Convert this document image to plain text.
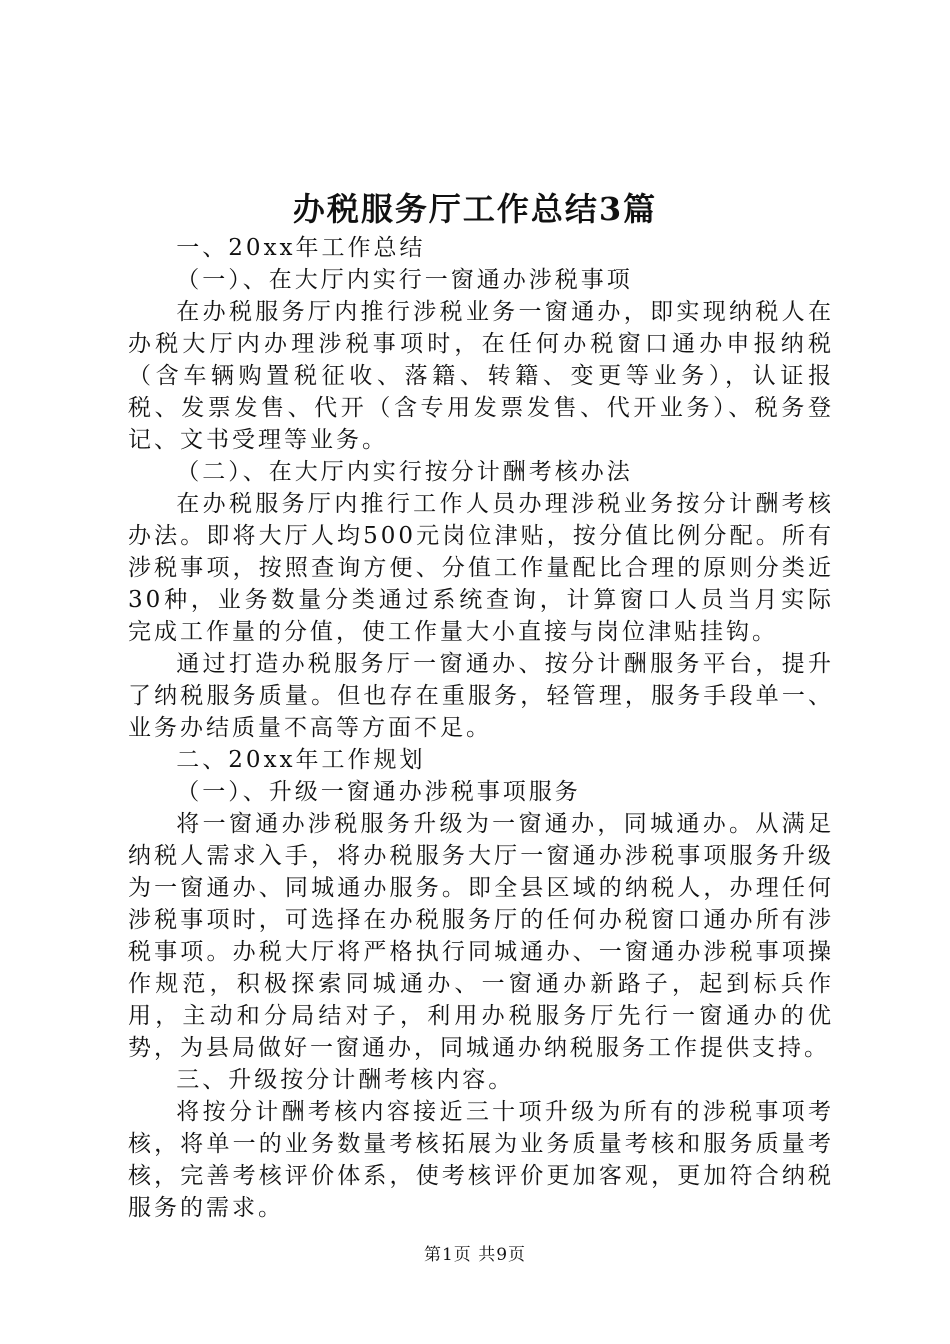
办税服务厅工作总结3篇

一、20xx年工作总结

（一）、在大厅内实行一窗通办涉税事项

在办税服务厅内推行涉税业务一窗通办，即实现纳税人在办税大厅内办理涉税事项时，在任何办税窗口通办申报纳税（含车辆购置税征收、落籍、转籍、变更等业务），认证报税、发票发售、代开（含专用发票发售、代开业务）、税务登记、文书受理等业务。

（二）、在大厅内实行按分计酬考核办法

在办税服务厅内推行工作人员办理涉税业务按分计酬考核办法。即将大厅人均500元岗位津贴，按分值比例分配。所有涉税事项，按照查询方便、分值工作量配比合理的原则分类近30种，业务数量分类通过系统查询，计算窗口人员当月实际完成工作量的分值，使工作量大小直接与岗位津贴挂钩。

通过打造办税服务厅一窗通办、按分计酬服务平台，提升了纳税服务质量。但也存在重服务，轻管理，服务手段单一、业务办结质量不高等方面不足。

二、20xx年工作规划

（一）、升级一窗通办涉税事项服务

将一窗通办涉税服务升级为一窗通办，同城通办。从满足纳税人需求入手，将办税服务大厅一窗通办涉税事项服务升级为一窗通办、同城通办服务。即全县区域的纳税人，办理任何涉税事项时，可选择在办税服务厅的任何办税窗口通办所有涉税事项。办税大厅将严格执行同城通办、一窗通办涉税事项操作规范，积极探索同城通办、一窗通办新路子，起到标兵作用，主动和分局结对子，利用办税服务厅先行一窗通办的优势，为县局做好一窗通办，同城通办纳税服务工作提供支持。

三、升级按分计酬考核内容。

将按分计酬考核内容接近三十项升级为所有的涉税事项考核，将单一的业务数量考核拓展为业务质量考核和服务质量考核，完善考核评价体系，使考核评价更加客观，更加符合纳税服务的需求。

第1页 共9页
